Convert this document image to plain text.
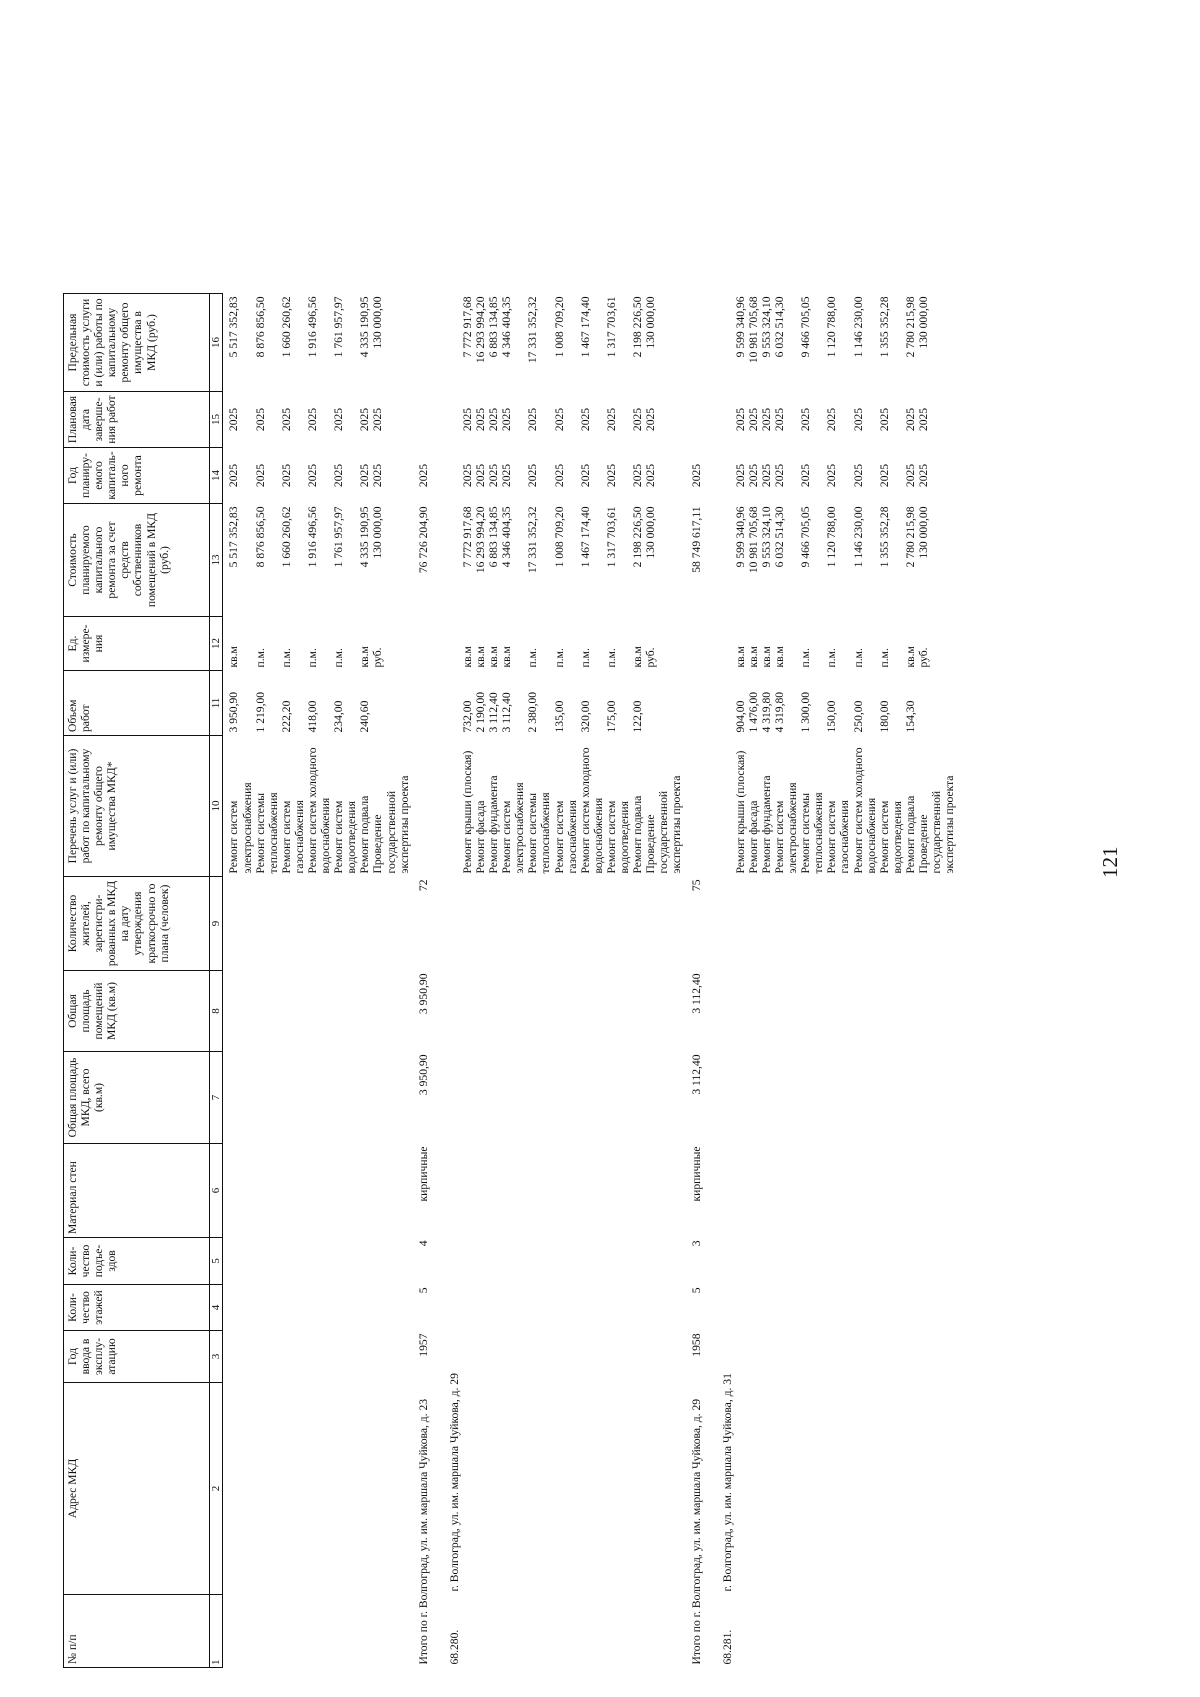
121
№ п/п	Адрес МКД	Год ввода в эксплу-атацию	Коли-чество этажей	Коли-чество подъе-здов	Материал стен	Общая площадь МКД, всего (кв.м)	Общая площадь помещений МКД (кв.м)	Количество жителей, зарегистри-рованных в МКД на дату утверждения краткосрочно го плана (человек)	Перечень услуг и (или) работ по капитальному ремонту общего имущества МКД*	Объем работ	Ед. измере-ния	Стоимость планируемого капитального ремонта за счет средств собственников помещений в МКД (руб.)	Год планиру-емого капиталь-ного ремонта	Плановая дата заверше-ния работ	Предельная стоимость услуги и (или) работы по капитальному ремонту общего имущества в МКД (руб.)
1	2	3	4	5	6	7	8	9	10	11	12	13	14	15	16
									Ремонт систем электроснабжения	3 950,90	кв.м	5 517 352,83	2025	2025	5 517 352,83
									Ремонт системы теплоснабжения	1 219,00	п.м.	8 876 856,50	2025	2025	8 876 856,50
									Ремонт систем газоснабжения	222,20	п.м.	1 660 260,62	2025	2025	1 660 260,62
									Ремонт систем холодного водоснабжения	418,00	п.м.	1 916 496,56	2025	2025	1 916 496,56
									Ремонт систем водоотведения	234,00	п.м.	1 761 957,97	2025	2025	1 761 957,97
									Ремонт подвала	240,60	кв.м	4 335 190,95	2025	2025	4 335 190,95
									Проведение государственной экспертизы проекта		руб.	130 000,00	2025	2025	130 000,00
Итого по г. Волгоград, ул. им. маршала Чуйкова, д. 23		1957	5	4	кирпичные	3 950,90	3 950,90	72				76 726 204,90	2025		
68.280.	г. Волгоград, ул. им. маршала Чуйкова, д. 29														
									Ремонт крыши (плоская)	732,00	кв.м	7 772 917,68	2025	2025	7 772 917,68
									Ремонт фасада	2 190,00	кв.м	16 293 994,20	2025	2025	16 293 994,20
									Ремонт фундамента	3 112,40	кв.м	6 883 134,85	2025	2025	6 883 134,85
									Ремонт систем электроснабжения	3 112,40	кв.м	4 346 404,35	2025	2025	4 346 404,35
									Ремонт системы теплоснабжения	2 380,00	п.м.	17 331 352,32	2025	2025	17 331 352,32
									Ремонт систем газоснабжения	135,00	п.м.	1 008 709,20	2025	2025	1 008 709,20
									Ремонт систем холодного водоснабжения	320,00	п.м.	1 467 174,40	2025	2025	1 467 174,40
									Ремонт систем водоотведения	175,00	п.м.	1 317 703,61	2025	2025	1 317 703,61
									Ремонт подвала	122,00	кв.м	2 198 226,50	2025	2025	2 198 226,50
									Проведение государственной экспертизы проекта		руб.	130 000,00	2025	2025	130 000,00
Итого по г. Волгоград, ул. им. маршала Чуйкова, д. 29		1958	5	3	кирпичные	3 112,40	3 112,40	75				58 749 617,11	2025		
68.281.	г. Волгоград, ул. им. маршала Чуйкова, д. 31														
									Ремонт крыши (плоская)	904,00	кв.м	9 599 340,96	2025	2025	9 599 340,96
									Ремонт фасада	1 476,00	кв.м	10 981 705,68	2025	2025	10 981 705,68
									Ремонт фундамента	4 319,80	кв.м	9 553 324,10	2025	2025	9 553 324,10
									Ремонт систем электроснабжения	4 319,80	кв.м	6 032 514,30	2025	2025	6 032 514,30
									Ремонт системы теплоснабжения	1 300,00	п.м.	9 466 705,05	2025	2025	9 466 705,05
									Ремонт систем газоснабжения	150,00	п.м.	1 120 788,00	2025	2025	1 120 788,00
									Ремонт систем холодного водоснабжения	250,00	п.м.	1 146 230,00	2025	2025	1 146 230,00
									Ремонт систем водоотведения	180,00	п.м.	1 355 352,28	2025	2025	1 355 352,28
									Ремонт подвала	154,30	кв.м	2 780 215,98	2025	2025	2 780 215,98
									Проведение государственной экспертизы проекта		руб.	130 000,00	2025	2025	130 000,00
